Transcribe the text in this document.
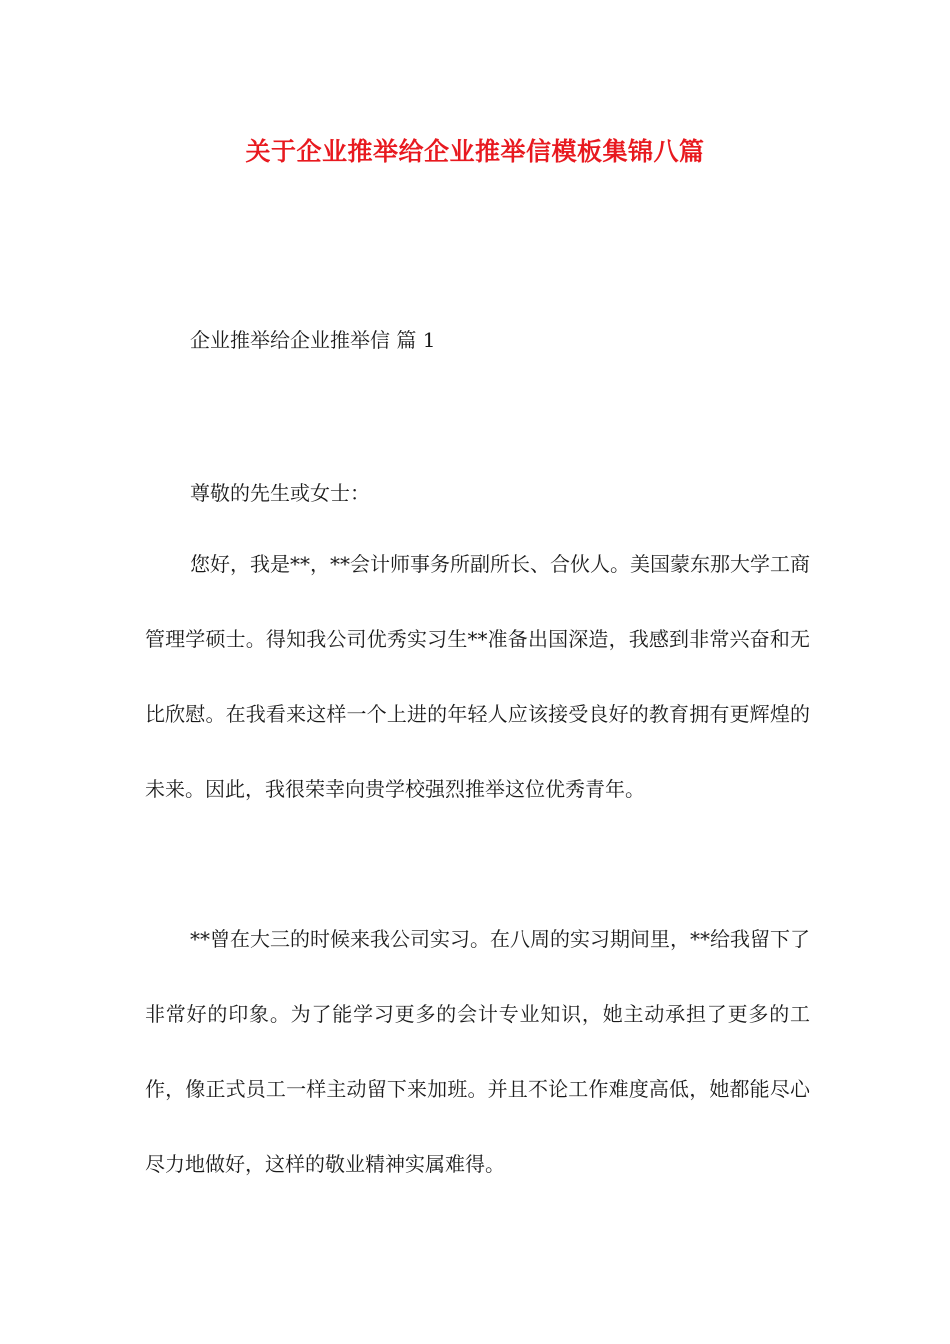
关于企业推举给企业推举信模板集锦八篇

企业推举给企业推举信 篇 1

尊敬的先生或女士：

您好，我是**，**会计师事务所副所长、合伙人。美国蒙东那大学工商管理学硕士。得知我公司优秀实习生**准备出国深造，我感到非常兴奋和无比欣慰。在我看来这样一个上进的年轻人应该接受良好的教育拥有更辉煌的未来。因此，我很荣幸向贵学校强烈推举这位优秀青年。

**曾在大三的时候来我公司实习。在八周的实习期间里，**给我留下了非常好的印象。为了能学习更多的会计专业知识，她主动承担了更多的工作，像正式员工一样主动留下来加班。并且不论工作难度高低，她都能尽心尽力地做好，这样的敬业精神实属难得。
